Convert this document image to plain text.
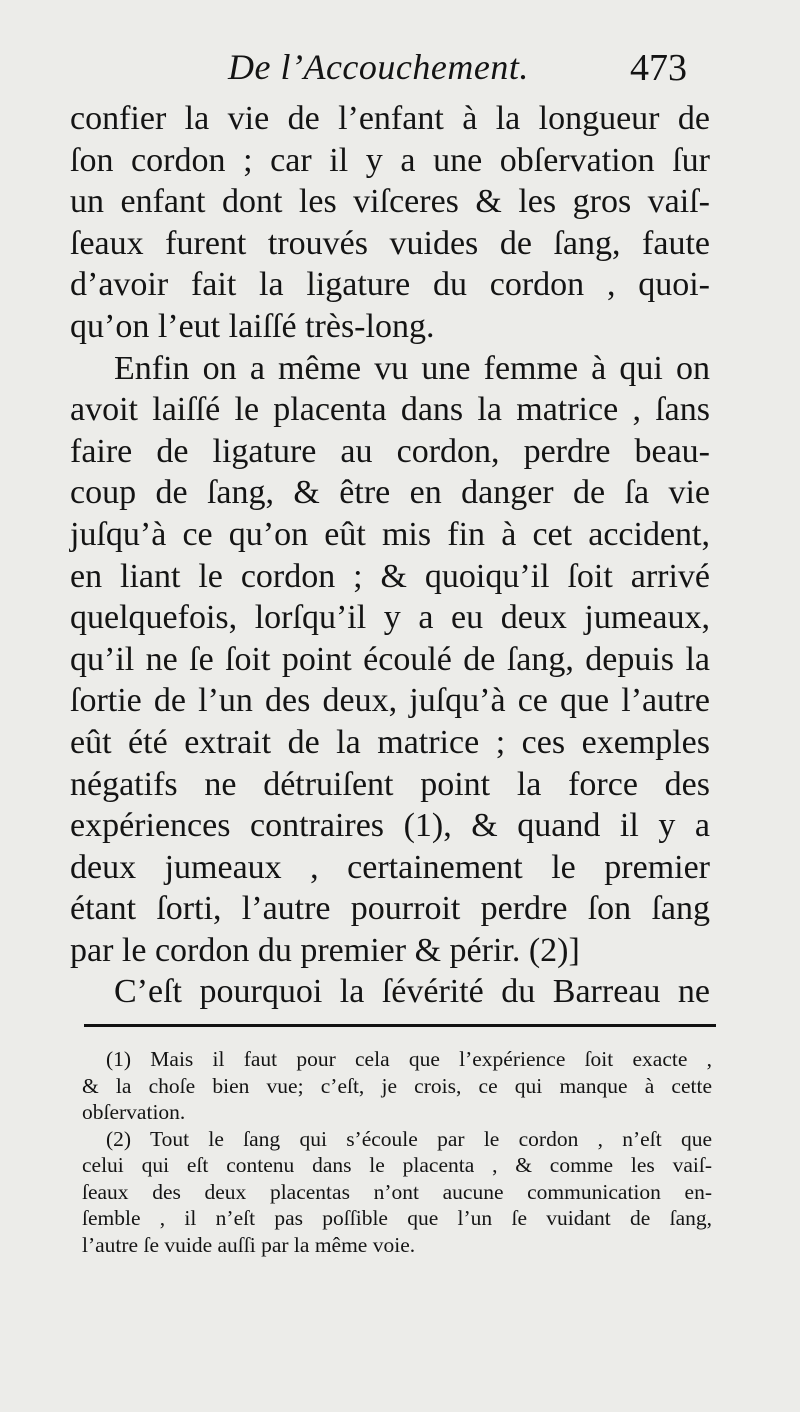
De l’Accouchement.	473
confier la vie de l’enfant à la longueur de
ſon cordon ; car il y a une obſervation ſur
un enfant dont les viſceres & les gros vaiſ-
ſeaux furent trouvés vuides de ſang, faute
d’avoir fait la ligature du cordon , quoi-
qu’on l’eut laiſſé très-long.
Enfin on a même vu une femme à qui on
avoit laiſſé le placenta dans la matrice , ſans
faire de ligature au cordon, perdre beau-
coup de ſang, & être en danger de ſa vie
juſqu’à ce qu’on eût mis fin à cet accident,
en liant le cordon ; & quoiqu’il ſoit arrivé
quelquefois, lorſqu’il y a eu deux jumeaux,
qu’il ne ſe ſoit point écoulé de ſang, depuis la
ſortie de l’un des deux, juſqu’à ce que l’autre
eût été extrait de la matrice ; ces exemples
négatifs ne détruiſent point la force des
expériences contraires (1), & quand il y a
deux jumeaux , certainement le premier
étant ſorti, l’autre pourroit perdre ſon ſang
par le cordon du premier & périr. (2)]
C’eſt pourquoi la ſévérité du Barreau ne
(1) Mais il faut pour cela que l’expérience ſoit exacte ,
& la choſe bien vue; c’eſt, je crois, ce qui manque à cette
obſervation.
(2) Tout le ſang qui s’écoule par le cordon , n’eſt que
celui qui eſt contenu dans le placenta , & comme les vaiſ-
ſeaux des deux placentas n’ont aucune communication en-
ſemble , il n’eſt pas poſſible que l’un ſe vuidant de ſang,
l’autre ſe vuide auſſi par la même voie.
